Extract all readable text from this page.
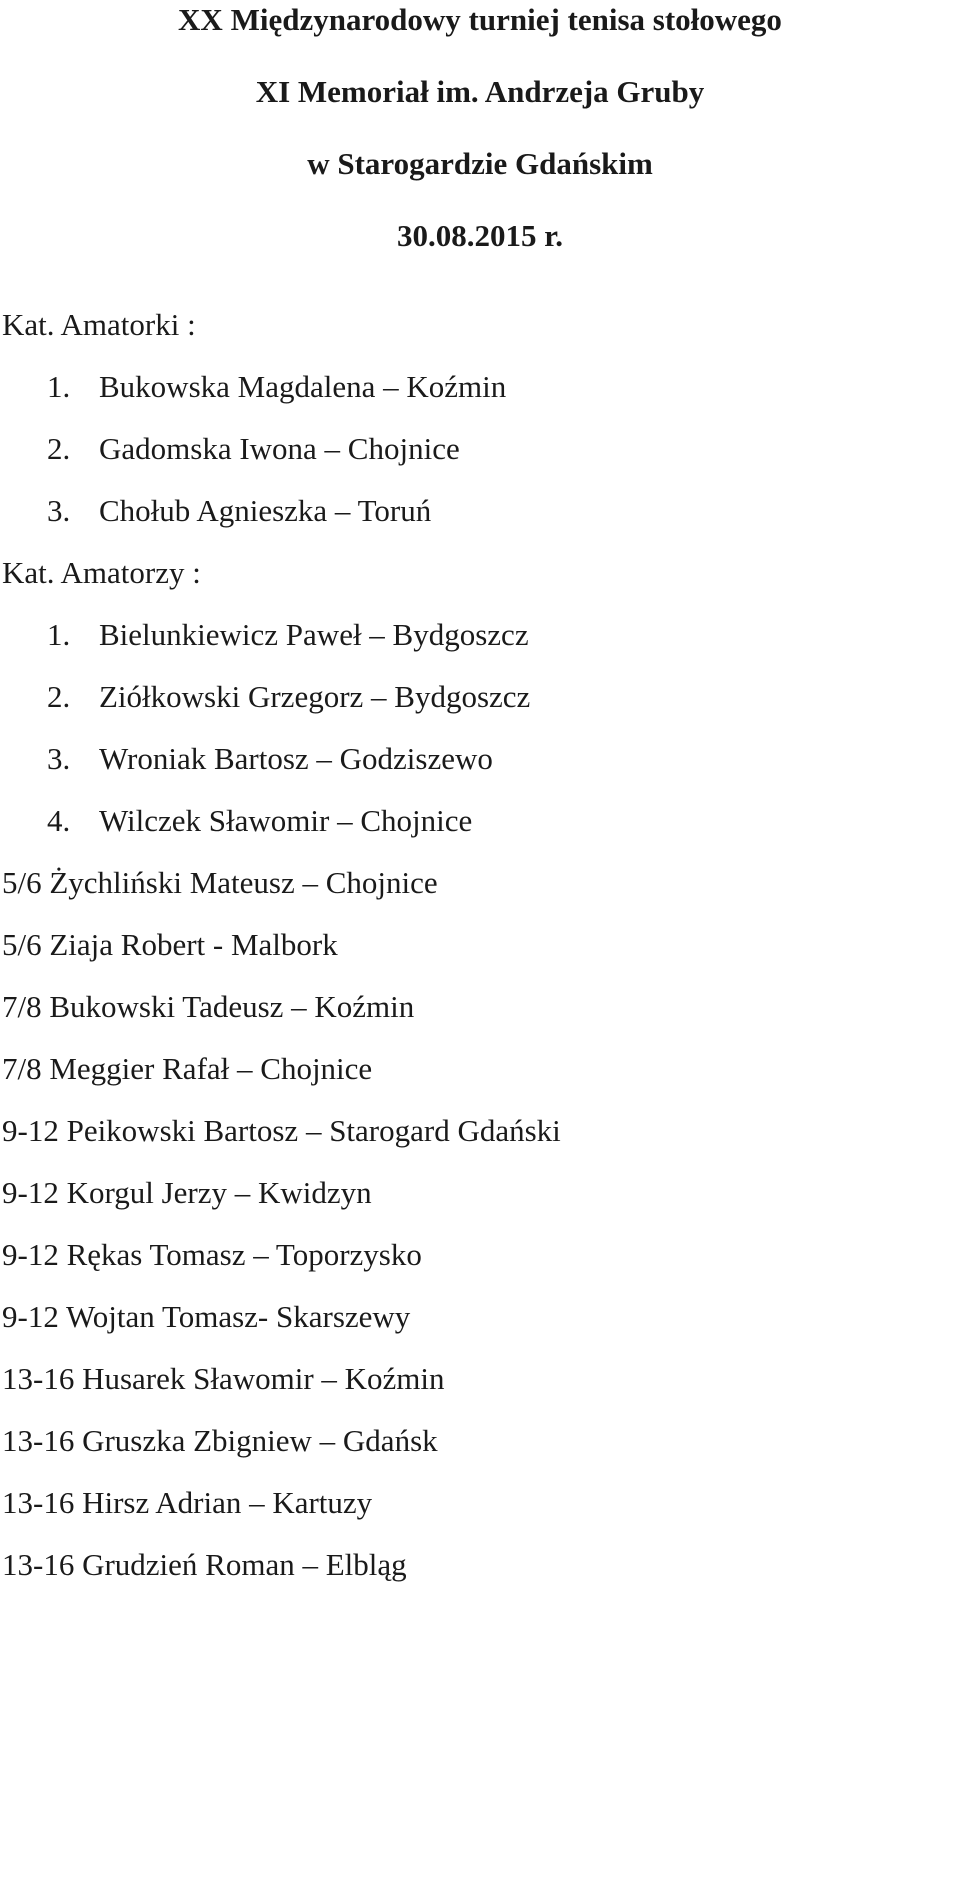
XX Międzynarodowy turniej tenisa stołowego
XI Memoriał im. Andrzeja Gruby
w Starogardzie Gdańskim
30.08.2015 r.
Kat. Amatorki :
1. Bukowska Magdalena – Koźmin
2. Gadomska Iwona – Chojnice
3. Chołub Agnieszka – Toruń
Kat. Amatorzy :
1. Bielunkiewicz Paweł – Bydgoszcz
2. Ziółkowski Grzegorz – Bydgoszcz
3. Wroniak Bartosz – Godziszewo
4. Wilczek Sławomir – Chojnice
5/6 Żychliński Mateusz – Chojnice
5/6 Ziaja Robert - Malbork
7/8 Bukowski Tadeusz – Koźmin
7/8 Meggier Rafał – Chojnice
9-12 Peikowski Bartosz – Starogard Gdański
9-12 Korgul Jerzy – Kwidzyn
9-12 Rękas Tomasz – Toporzysko
9-12 Wojtan Tomasz- Skarszewy
13-16 Husarek Sławomir – Koźmin
13-16 Gruszka Zbigniew – Gdańsk
13-16 Hirsz Adrian – Kartuzy
13-16 Grudzień Roman – Elbląg
